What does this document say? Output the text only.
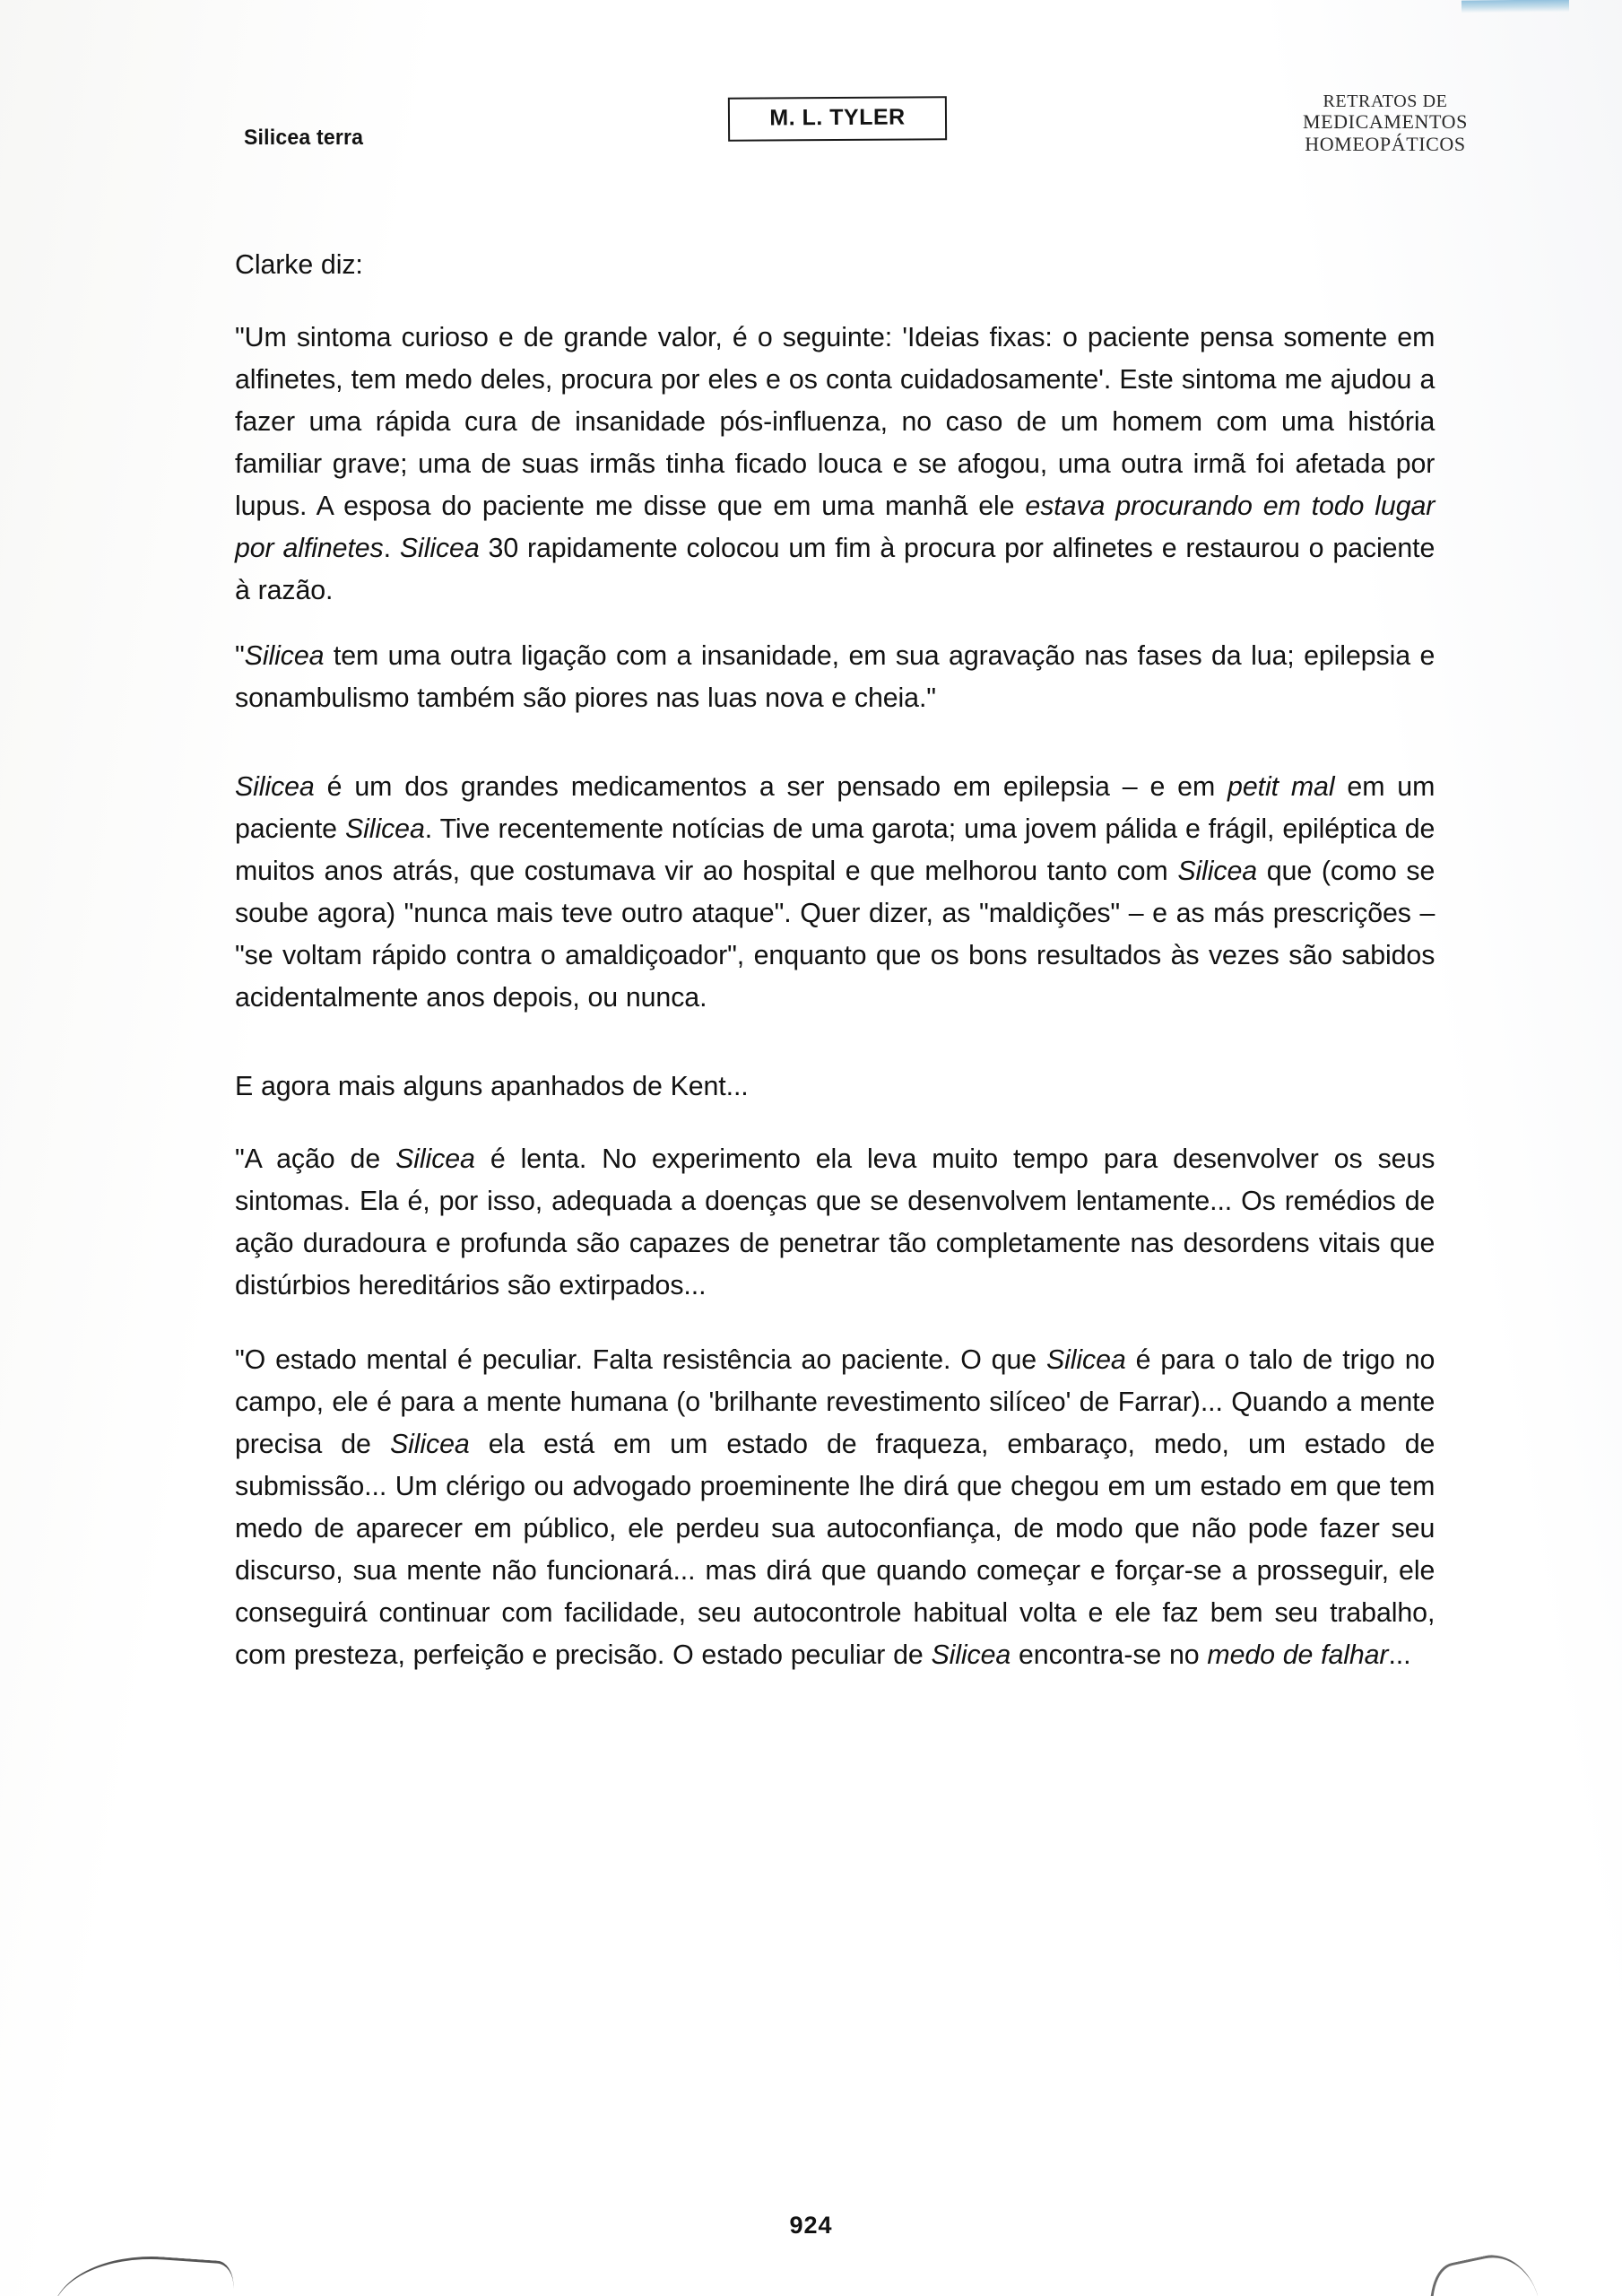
Silicea terra
M. L. TYLER
RETRATOS DE
MEDICAMENTOS
HOMEOPÁTICOS

Clarke diz:

"Um sintoma curioso e de grande valor, é o seguinte: 'Ideias fixas: o paciente pensa somente em alfinetes, tem medo deles, procura por eles e os conta cuidadosamente'. Este sintoma me ajudou a fazer uma rápida cura de insanidade pós-influenza, no caso de um homem com uma história familiar grave; uma de suas irmãs tinha ficado louca e se afogou, uma outra irmã foi afetada por lupus. A esposa do paciente me disse que em uma manhã ele estava procurando em todo lugar por alfinetes. Silicea 30 rapidamente colocou um fim à procura por alfinetes e restaurou o paciente à razão.

"Silicea tem uma outra ligação com a insanidade, em sua agravação nas fases da lua; epilepsia e sonambulismo também são piores nas luas nova e cheia."

Silicea é um dos grandes medicamentos a ser pensado em epilepsia – e em petit mal em um paciente Silicea. Tive recentemente notícias de uma garota; uma jovem pálida e frágil, epiléptica de muitos anos atrás, que costumava vir ao hospital e que melhorou tanto com Silicea que (como se soube agora) "nunca mais teve outro ataque". Quer dizer, as "maldições" – e as más prescrições – "se voltam rápido contra o amaldiçoador", enquanto que os bons resultados às vezes são sabidos acidentalmente anos depois, ou nunca.

E agora mais alguns apanhados de Kent...

"A ação de Silicea é lenta. No experimento ela leva muito tempo para desenvolver os seus sintomas. Ela é, por isso, adequada a doenças que se desenvolvem lentamente... Os remédios de ação duradoura e profunda são capazes de penetrar tão completamente nas desordens vitais que distúrbios hereditários são extirpados...

"O estado mental é peculiar. Falta resistência ao paciente. O que Silicea é para o talo de trigo no campo, ele é para a mente humana (o 'brilhante revestimento silíceo' de Farrar)... Quando a mente precisa de Silicea ela está em um estado de fraqueza, embaraço, medo, um estado de submissão... Um clérigo ou advogado proeminente lhe dirá que chegou em um estado em que tem medo de aparecer em público, ele perdeu sua autoconfiança, de modo que não pode fazer seu discurso, sua mente não funcionará... mas dirá que quando começar e forçar-se a prosseguir, ele conseguirá continuar com facilidade, seu autocontrole habitual volta e ele faz bem seu trabalho, com presteza, perfeição e precisão. O estado peculiar de Silicea encontra-se no medo de falhar...

924
